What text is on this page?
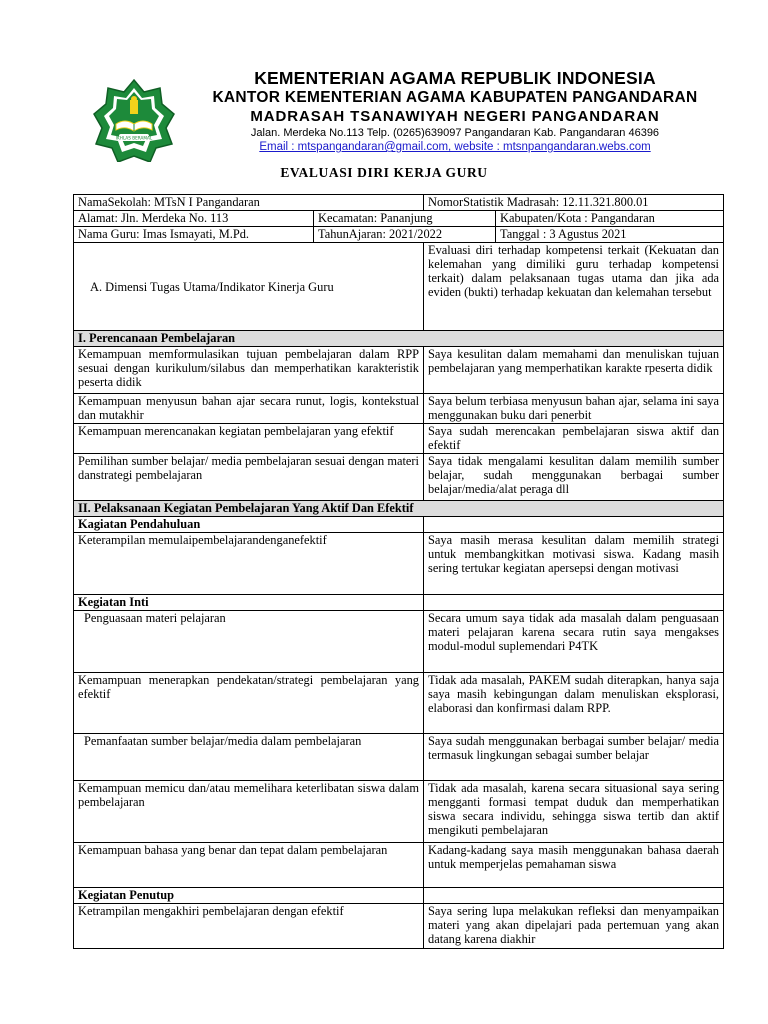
IKHLAS BERAMAL
KEMENTERIAN AGAMA REPUBLIK INDONESIA
KANTOR KEMENTERIAN AGAMA KABUPATEN PANGANDARAN
MADRASAH TSANAWIYAH NEGERI PANGANDARAN
Jalan. Merdeka No.113 Telp. (0265)639097 Pangandaran Kab. Pangandaran 46396
Email : mtspangandaran@gmail.com, website : mtsnpangandaran.webs.com
EVALUASI DIRI KERJA GURU
NamaSekolah: MTsN I Pangandaran		NomorStatistik Madrasah: 12.11.321.800.01	
Alamat: Jln. Merdeka No. 113	Kecamatan: Pananjung		Kabupaten/Kota : Pangandaran
Nama Guru: Imas Ismayati, M.Pd.	TahunAjaran: 2021/2022		Tanggal : 3 Agustus 2021
A. Dimensi Tugas Utama/Indikator Kinerja Guru		Evaluasi diri terhadap kompetensi terkait (Kekuatan dan kelemahan yang dimiliki guru terhadap kompetensi terkait) dalam pelaksanaan tugas utama dan jika ada eviden (bukti) terhadap kekuatan dan kelemahan tersebut	
I. Perencanaan Pembelajaran			
Kemampuan memformulasikan tujuan pembelajaran dalam RPP sesuai dengan kurikulum/silabus dan memperhatikan karakteristik peserta didik		Saya kesulitan dalam memahami dan menuliskan tujuan pembelajaran yang memperhatikan karakte rpeserta didik	
Kemampuan menyusun bahan ajar secara runut, logis, kontekstual dan mutakhir		Saya belum terbiasa menyusun bahan ajar, selama ini saya menggunakan buku dari penerbit	
Kemampuan merencanakan kegiatan pembelajaran yang efektif		Saya sudah merencakan pembelajaran siswa aktif dan efektif	
Pemilihan sumber belajar/ media pembelajaran sesuai dengan materi danstrategi pembelajaran		Saya tidak mengalami kesulitan dalam memilih sumber belajar, sudah menggunakan berbagai sumber belajar/media/alat peraga dll	
II. Pelaksanaan Kegiatan Pembelajaran Yang Aktif Dan Efektif			
Kagiatan Pendahuluan			
Keterampilan memulaipembelajarandenganefektif		Saya masih merasa kesulitan dalam memilih strategi untuk membangkitkan motivasi siswa. Kadang masih sering tertukar kegiatan apersepsi dengan motivasi	
Kegiatan Inti			
Penguasaan materi pelajaran		Secara umum saya tidak ada masalah dalam penguasaan materi pelajaran karena secara rutin saya mengakses modul-modul suplemendari P4TK	
Kemampuan menerapkan pendekatan/strategi pembelajaran yang efektif		Tidak ada masalah, PAKEM sudah diterapkan, hanya saja saya masih kebingungan dalam menuliskan eksplorasi, elaborasi dan konfirmasi dalam RPP.	
Pemanfaatan sumber belajar/media dalam pembelajaran		Saya sudah menggunakan berbagai sumber belajar/ media termasuk lingkungan sebagai sumber belajar	
Kemampuan memicu dan/atau memelihara keterlibatan siswa dalam pembelajaran		Tidak ada masalah, karena secara situasional saya sering mengganti formasi tempat duduk dan memperhatikan siswa secara individu, sehingga siswa tertib dan aktif mengikuti pembelajaran	
Kemampuan bahasa yang benar dan tepat dalam pembelajaran		Kadang-kadang saya masih menggunakan bahasa daerah untuk memperjelas pemahaman siswa	
Kegiatan Penutup			
Ketrampilan mengakhiri pembelajaran dengan efektif		Saya sering lupa melakukan refleksi dan menyampaikan materi yang akan dipelajari pada pertemuan yang akan datang karena diakhir	
